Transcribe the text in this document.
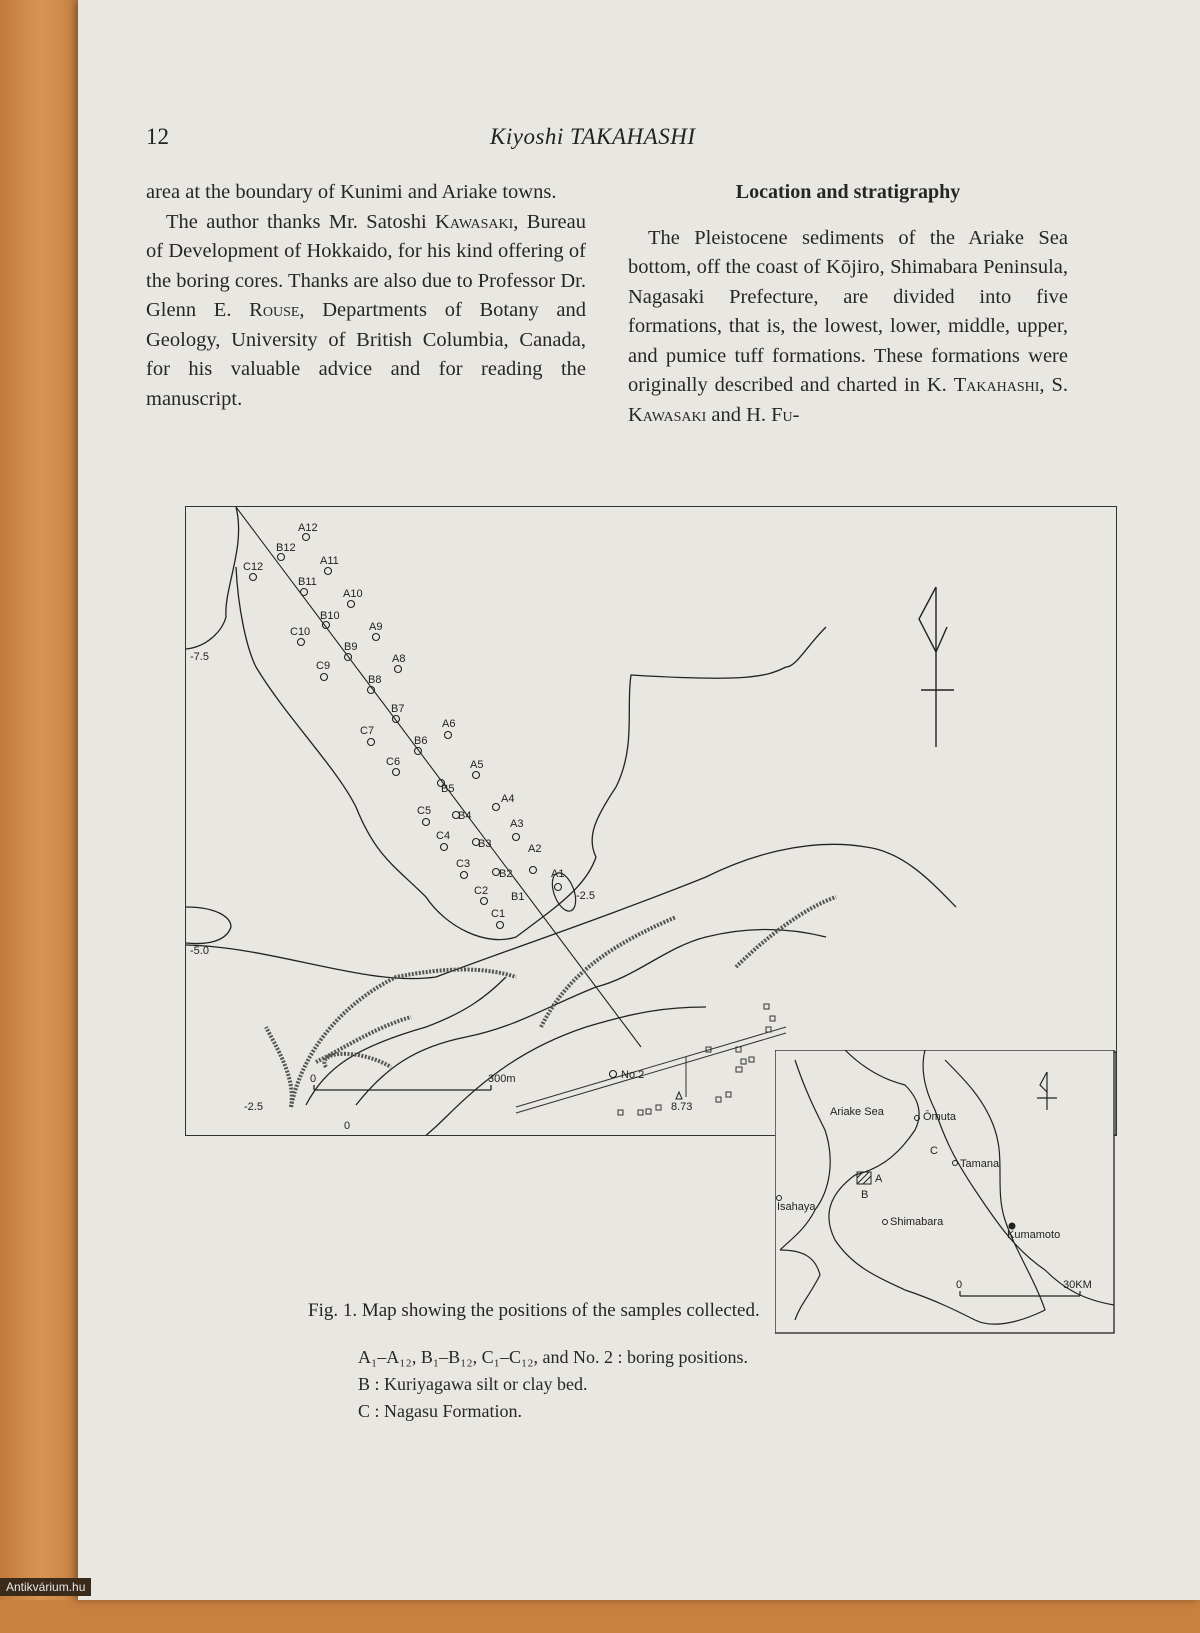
12	Kiyoshi TAKAHASHI

area at the boundary of Kunimi and Ariake towns.

The author thanks Mr. Satoshi Kawasaki, Bureau of Development of Hokkaido, for his kind offering of the boring cores. Thanks are also due to Professor Dr. Glenn E. Rouse, Departments of Botany and Geology, University of British Columbia, Canada, for his valuable advice and for reading the manuscript.

Location and stratigraphy

The Pleistocene sediments of the Ariake Sea bottom, off the coast of Kōjiro, Shimabara Peninsula, Nagasaki Prefecture, are divided into five formations, that is, the lowest, lower, middle, upper, and pumice tuff formations. These formations were originally described and charted in K. Takahashi, S. Kawasaki and H. Fu-

-7.5
-5.0
-2.5
-2.5
0
A12
A11
A10
A9
A8
A6
A5
A4
A3
A2
A1
B12
B11
B10
B9
B8
B7
B6
B5
B4
B3
B2
B1
C12
C10
C9
C7
C6
C5
C4
C3
C2
C1
No.2
8.73
0	300m
Ariake Sea	Ōmuta
Tamana
Isahaya
Shimabara
Kumamoto
A
B
C
0	30KM
Fig. 1. Map showing the positions of the samples collected.
A₁–A₁₂, B₁–B₁₂, C₁–C₁₂, and No. 2 : boring positions.
B : Kuriyagawa silt or clay bed.
C : Nagasu Formation.
Antikvárium.hu
